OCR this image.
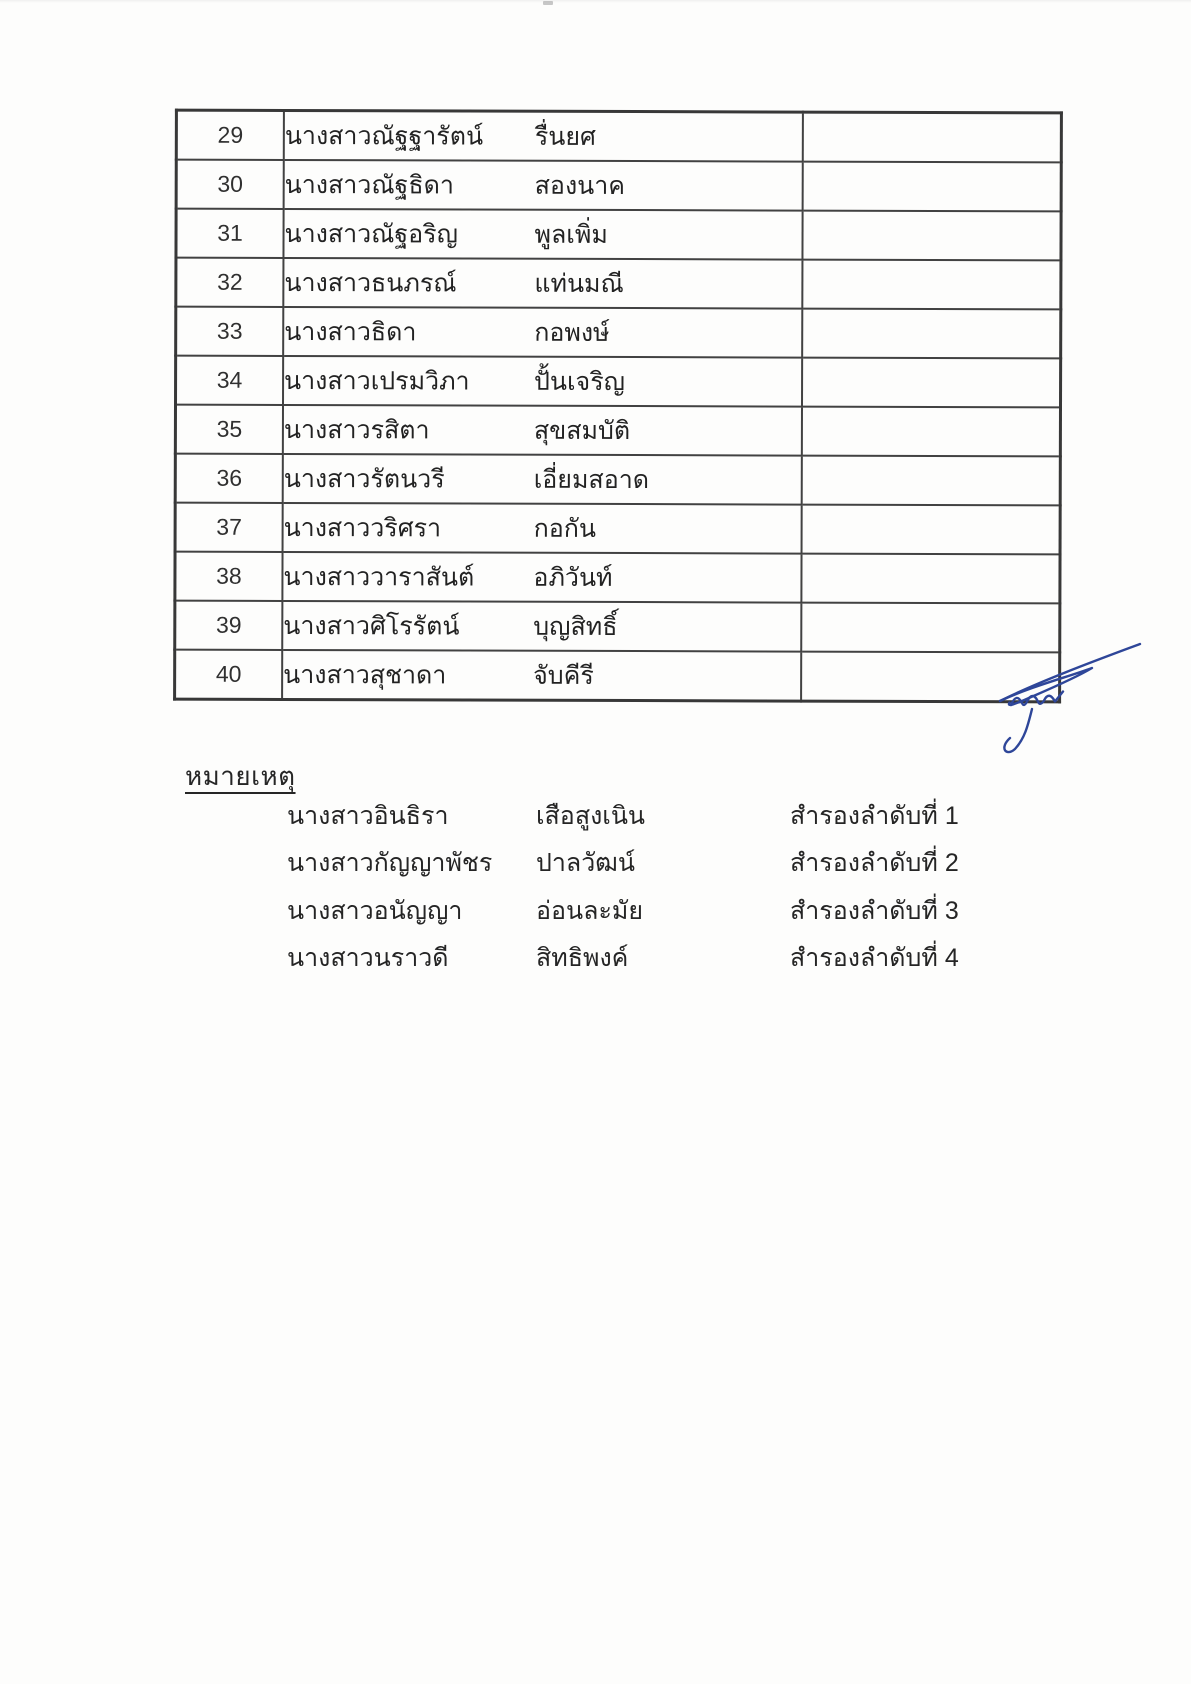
29	นางสาวณัฐฐารัตน์ รื่นยศ	
30	นางสาวณัฐธิดา สองนาค	
31	นางสาวณัฐอริญ พูลเพิ่ม	
32	นางสาวธนภรณ์ แท่นมณี	
33	นางสาวธิดา กอพงษ์	
34	นางสาวเปรมวิภา ปั้นเจริญ	
35	นางสาวรสิตา สุขสมบัติ	
36	นางสาวรัตนวรี เอี่ยมสอาด	
37	นางสาววริศรา กอกัน	
38	นางสาววาราสันต์ อภิวันท์	
39	นางสาวศิโรรัตน์ บุญสิทธิ์	
40	นางสาวสุชาดา จับคีรี	
หมายเหตุ
นางสาวอินธิรา	เสือสูงเนิน	สำรองลำดับที่ 1
นางสาวกัญญาพัชร	ปาลวัฒน์	สำรองลำดับที่ 2
นางสาวอนัญญา	อ่อนละมัย	สำรองลำดับที่ 3
นางสาวนราวดี	สิทธิพงค์	สำรองลำดับที่ 4
